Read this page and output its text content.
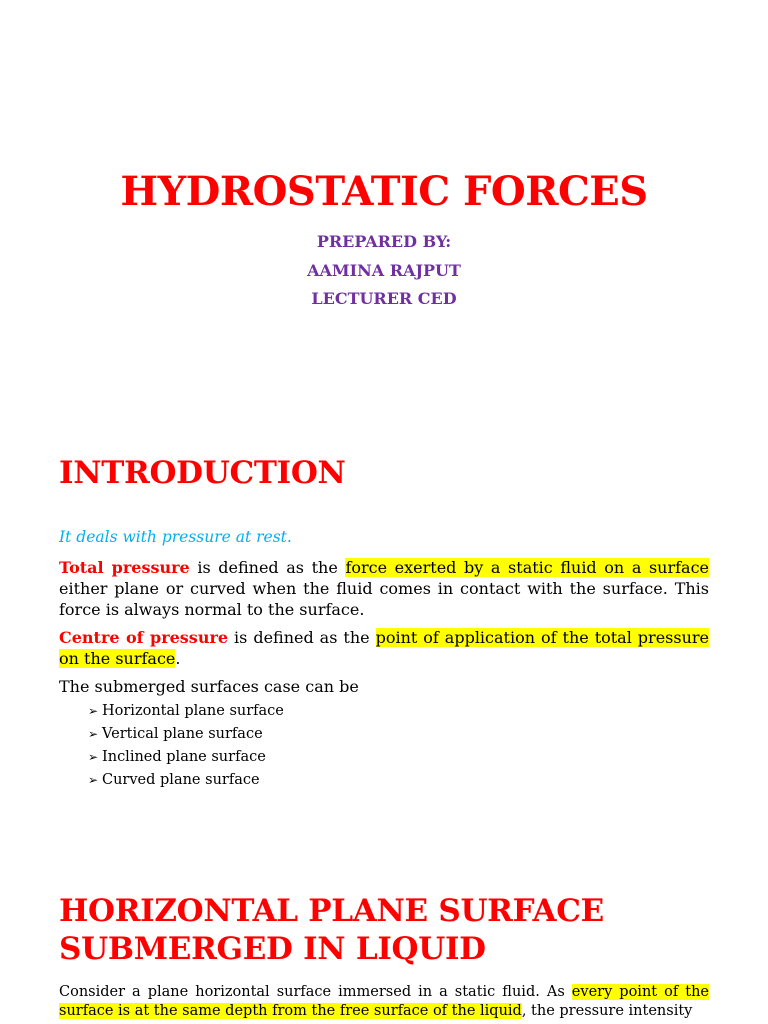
HYDROSTATIC FORCES
PREPARED BY:
AAMINA RAJPUT
LECTURER CED
INTRODUCTION
It deals with pressure at rest.

Total pressure is defined as the force exerted by a static fluid on a surface either plane or curved when the fluid comes in contact with the surface. This force is always normal to the surface.

Centre of pressure is defined as the point of application of the total pressure on the surface.

The submerged surfaces case can be

➢ Horizontal plane surface
➢ Vertical plane surface
➢ Inclined plane surface
➢ Curved plane surface
HORIZONTAL PLANE SURFACE SUBMERGED IN LIQUID

Consider a plane horizontal surface immersed in a static fluid. As every point of the surface is at the same depth from the free surface of the liquid, the pressure intensity
